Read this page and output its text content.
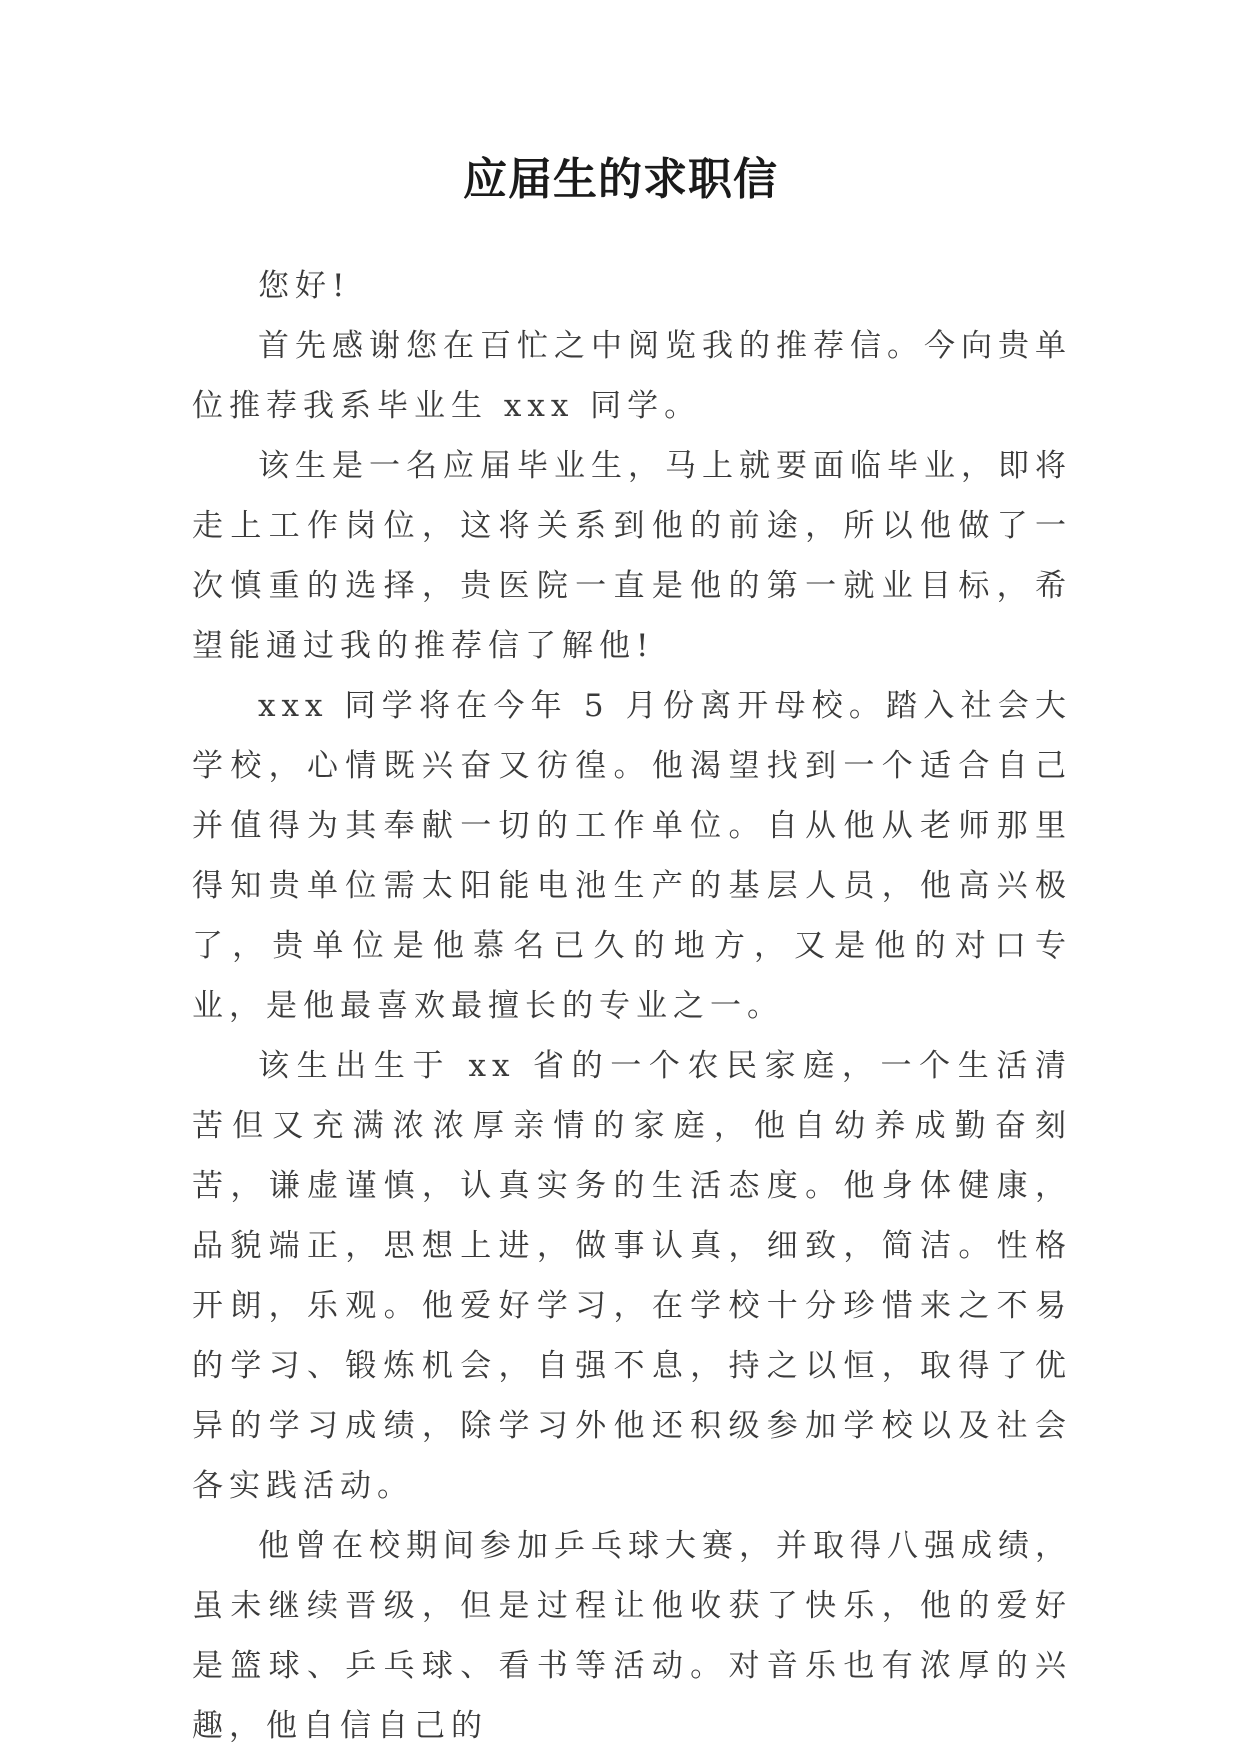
应届生的求职信

您好!

首先感谢您在百忙之中阅览我的推荐信。今向贵单位推荐我系毕业生 xxx 同学。

该生是一名应届毕业生，马上就要面临毕业，即将走上工作岗位，这将关系到他的前途，所以他做了一次慎重的选择，贵医院一直是他的第一就业目标，希望能通过我的推荐信了解他!

xxx 同学将在今年 5 月份离开母校。踏入社会大学校，心情既兴奋又彷徨。他渴望找到一个适合自己并值得为其奉献一切的工作单位。自从他从老师那里得知贵单位需太阳能电池生产的基层人员，他高兴极了，贵单位是他慕名已久的地方，又是他的对口专业，是他最喜欢最擅长的专业之一。

该生出生于 xx 省的一个农民家庭，一个生活清苦但又充满浓浓厚亲情的家庭，他自幼养成勤奋刻苦，谦虚谨慎，认真实务的生活态度。他身体健康，品貌端正，思想上进，做事认真，细致，简洁。性格开朗，乐观。他爱好学习，在学校十分珍惜来之不易的学习、锻炼机会，自强不息，持之以恒，取得了优异的学习成绩，除学习外他还积级参加学校以及社会各实践活动。

他曾在校期间参加乒乓球大赛，并取得八强成绩，虽未继续晋级，但是过程让他收获了快乐，他的爱好是篮球、乒乓球、看书等活动。对音乐也有浓厚的兴趣，他自信自己的
